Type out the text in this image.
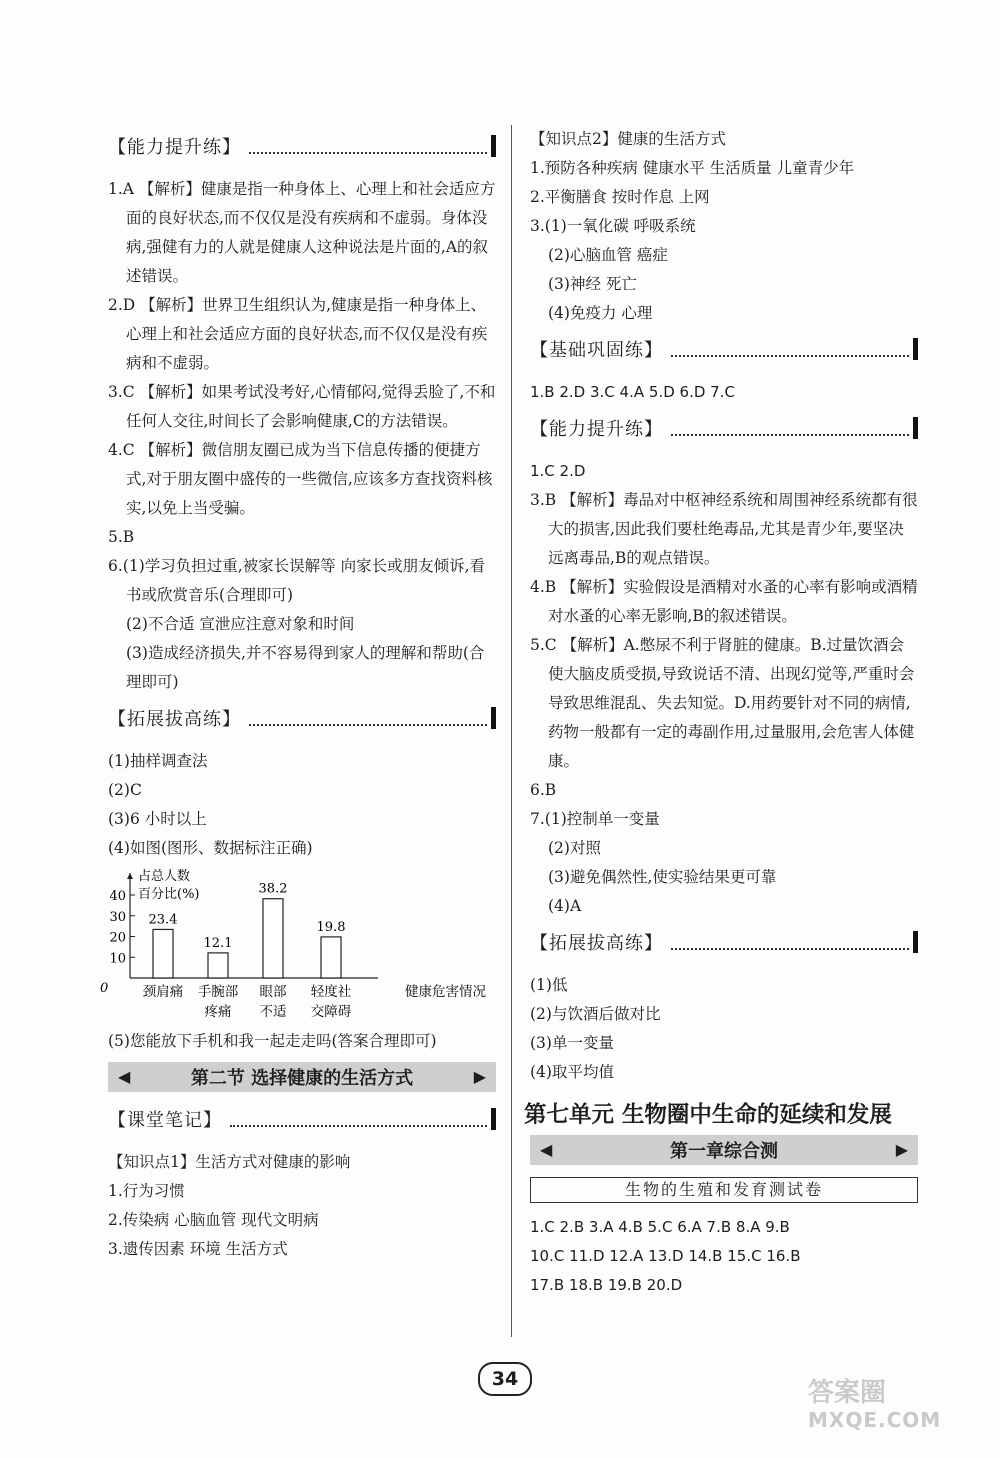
【能力提升练】

1.A 【解析】健康是指一种身体上、心理上和社会适应方面的良好状态,而不仅仅是没有疾病和不虚弱。身体没病,强健有力的人就是健康人这种说法是片面的,A的叙述错误。

2.D 【解析】世界卫生组织认为,健康是指一种身体上、心理上和社会适应方面的良好状态,而不仅仅是没有疾病和不虚弱。

3.C 【解析】如果考试没考好,心情郁闷,觉得丢脸了,不和任何人交往,时间长了会影响健康,C的方法错误。

4.C 【解析】微信朋友圈已成为当下信息传播的便捷方式,对于朋友圈中盛传的一些微信,应该多方查找资料核实,以免上当受骗。

5.B

6.(1)学习负担过重,被家长误解等 向家长或朋友倾诉,看书或欣赏音乐(合理即可)

(2)不合适 宣泄应注意对象和时间

(3)造成经济损失,并不容易得到家人的理解和帮助(合理即可)

【拓展拔高练】

(1)抽样调查法

(2)C

(3)6 小时以上

(4)如图(图形、数据标注正确)

占总人数
百分比(%)
0
10
20
30
40
23.4
颈肩痛
12.1
手腕部
疼痛
38.2
眼部
不适
19.8
轻度社
交障碍
健康危害情况

(5)您能放下手机和我一起走走吗(答案合理即可)

◀	第二节 选择健康的生活方式	▶
【课堂笔记】

【知识点1】生活方式对健康的影响

1.行为习惯

2.传染病 心脑血管 现代文明病

3.遗传因素 环境 生活方式

【知识点2】健康的生活方式

1.预防各种疾病 健康水平 生活质量 儿童青少年

2.平衡膳食 按时作息 上网

3.(1)一氧化碳 呼吸系统

(2)心脑血管 癌症

(3)神经 死亡

(4)免疫力 心理

【基础巩固练】

1.B 2.D 3.C 4.A 5.D 6.D 7.C

【能力提升练】

1.C 2.D

3.B 【解析】毒品对中枢神经系统和周围神经系统都有很大的损害,因此我们要杜绝毒品,尤其是青少年,要坚决远离毒品,B的观点错误。

4.B 【解析】实验假设是酒精对水蚤的心率有影响或酒精对水蚤的心率无影响,B的叙述错误。

5.C 【解析】A.憋尿不利于肾脏的健康。B.过量饮酒会使大脑皮质受损,导致说话不清、出现幻觉等,严重时会导致思维混乱、失去知觉。D.用药要针对不同的病情,药物一般都有一定的毒副作用,过量服用,会危害人体健康。

6.B

7.(1)控制单一变量

(2)对照

(3)避免偶然性,使实验结果更可靠

(4)A

【拓展拔高练】

(1)低

(2)与饮酒后做对比

(3)单一变量

(4)取平均值

第七单元 生物圈中生命的延续和发展
◀	第一章综合测	▶
生物的生殖和发育测试卷

1.C 2.B 3.A 4.B 5.C 6.A 7.B 8.A 9.B

10.C 11.D 12.A 13.D 14.B 15.C 16.B

17.B 18.B 19.B 20.D

34	答案圈
MXQE.COM
